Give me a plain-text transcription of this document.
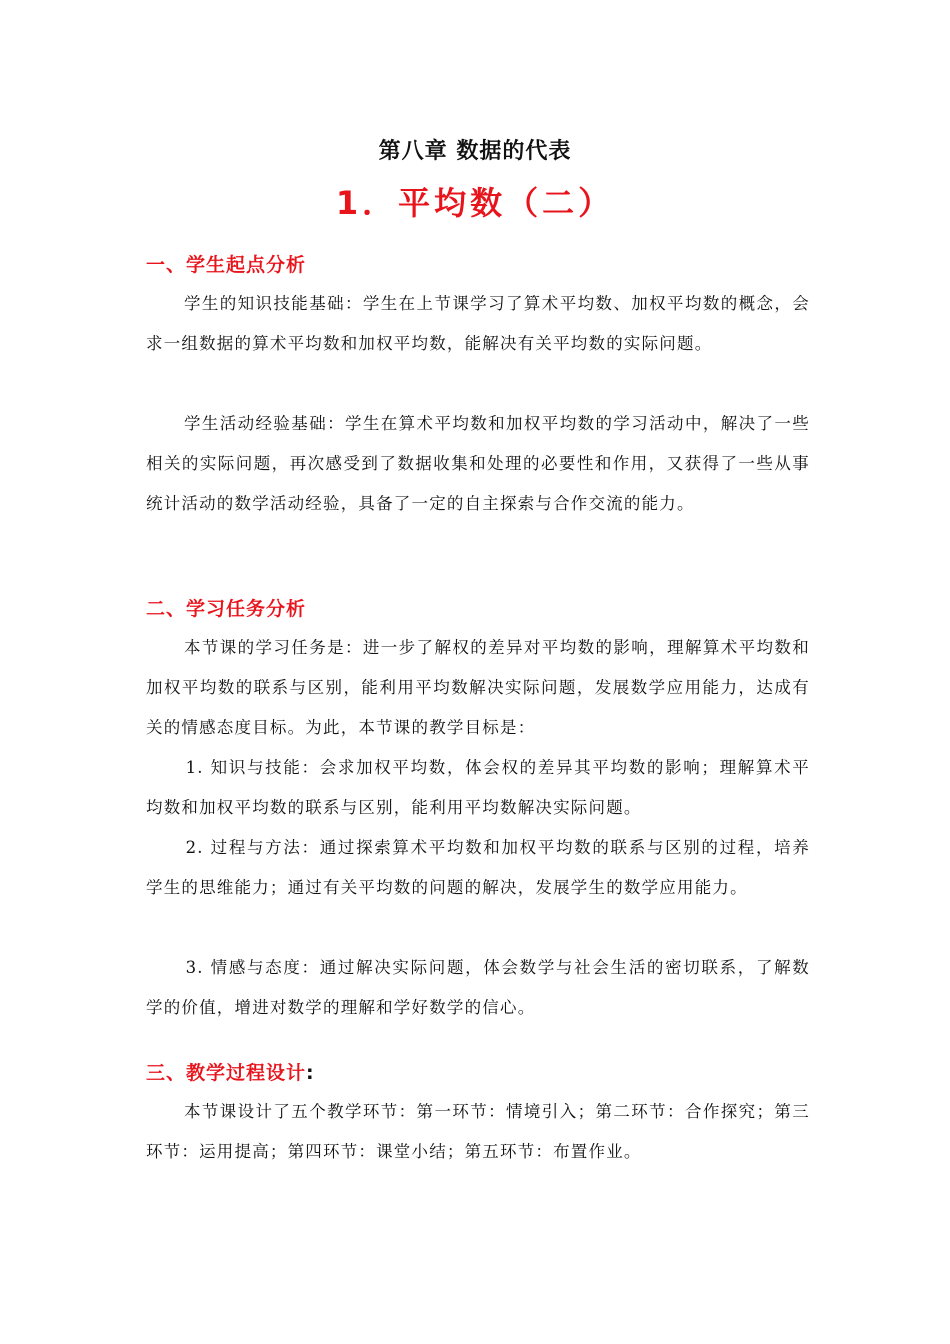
第八章 数据的代表
1．平均数（二）
一、学生起点分析
学生的知识技能基础：学生在上节课学习了算术平均数、加权平均数的概念，会求一组数据的算术平均数和加权平均数，能解决有关平均数的实际问题。
学生活动经验基础：学生在算术平均数和加权平均数的学习活动中，解决了一些相关的实际问题，再次感受到了数据收集和处理的必要性和作用，又获得了一些从事统计活动的数学活动经验，具备了一定的自主探索与合作交流的能力。
二、学习任务分析
本节课的学习任务是：进一步了解权的差异对平均数的影响，理解算术平均数和加权平均数的联系与区别，能利用平均数解决实际问题，发展数学应用能力，达成有关的情感态度目标。为此，本节课的教学目标是：
1. 知识与技能：会求加权平均数，体会权的差异其平均数的影响；理解算术平均数和加权平均数的联系与区别，能利用平均数解决实际问题。
2. 过程与方法：通过探索算术平均数和加权平均数的联系与区别的过程，培养学生的思维能力；通过有关平均数的问题的解决，发展学生的数学应用能力。
3. 情感与态度：通过解决实际问题，体会数学与社会生活的密切联系，了解数学的价值，增进对数学的理解和学好数学的信心。
三、教学过程设计:
本节课设计了五个教学环节：第一环节：情境引入；第二环节：合作探究；第三环节：运用提高；第四环节：课堂小结；第五环节：布置作业。
